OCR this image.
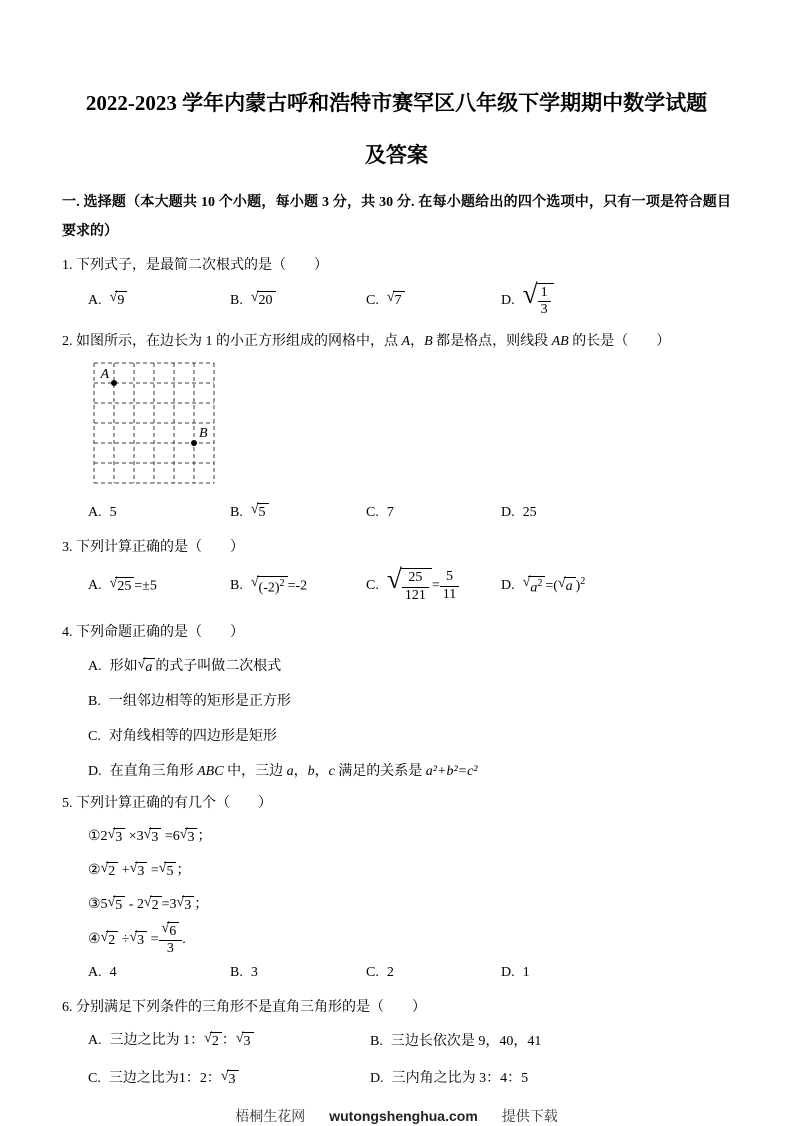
2022-2023 学年内蒙古呼和浩特市赛罕区八年级下学期期中数学试题
及答案

一. 选择题（本大题共 10 个小题，每小题 3 分，共 30 分. 在每小题给出的四个选项中，只有一项是符合题目要求的）

1. 下列式子，是最简二次根式的是（　　）

A. √ 9	B. √ 20	C. √ 7	D. √ $\frac{1}{3}$

2. 如图所示，在边长为 1 的小正方形组成的网格中，点 A，B 都是格点，则线段 AB 的长是（　　）

A
B
A. 5	B. √ 5	C. 7	D. 25

3. 下列计算正确的是（　　）

A. √ 25 =±5	B. √ $(-2)^2 =-2$	C. √ $\frac{25}{121} = \frac{5}{11}$	D. √ $a^2$ =( √ a )$^2$

4. 下列命题正确的是（　　）

A. 形如 √ a 的式子叫做二次根式

B. 一组邻边相等的矩形是正方形

C. 对角线相等的四边形是矩形

D. 在直角三角形 ABC 中，三边 a，b，c 满足的关系是 a²+b²=c²

5. 下列计算正确的有几个（　　）

①2 √ 3 ×3 √ 3 =6 √ 3 ；

② √ 2 + √ 3 = √ 5 ；

③5 √ 5 - 2 √ 2 =3 √ 3 ；

④ √ 2 ÷ √ 3 = √ $\frac{6}{3}$ .

A. 4	B. 3	C. 2	D. 1

6. 分别满足下列条件的三角形不是直角三角形的是（　　）

A. 三边之比为 1： √ 2 ： √ 3	B. 三边长依次是 9，40，41
C. 三边之比为1：2： √ 3	D. 三内角之比为 3：4：5
梧桐生花网 wutongshenghua.com 提供下载
